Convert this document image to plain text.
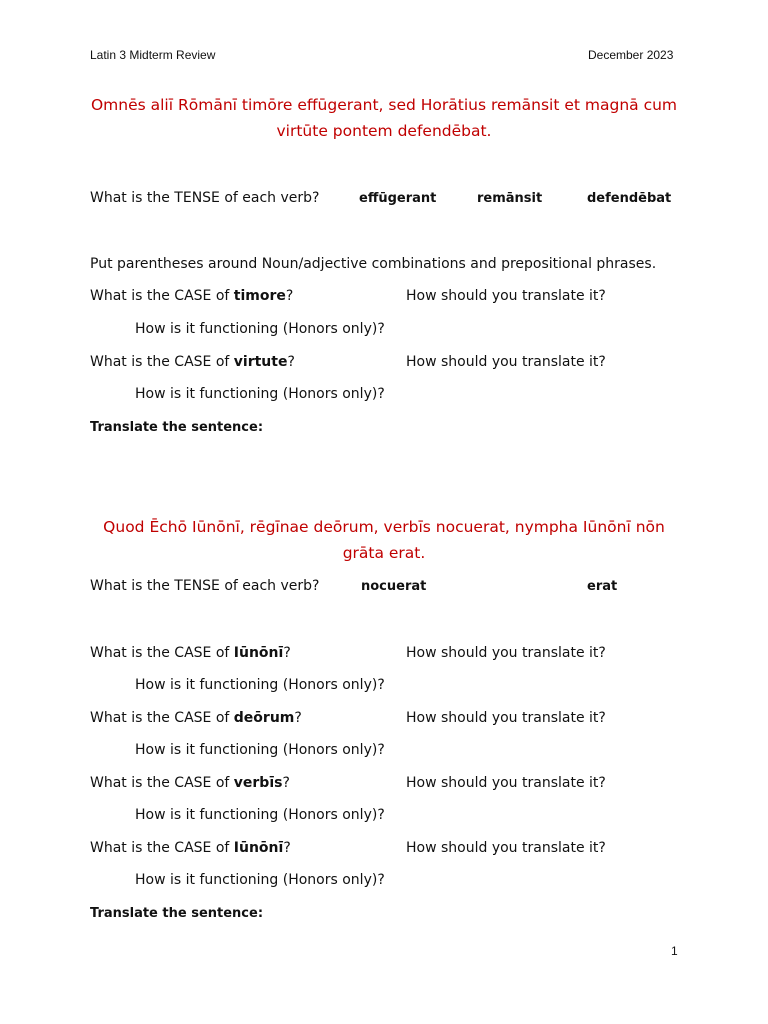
Latin 3 Midterm Review	December 2023
Omnēs aliī Rōmānī timōre effūgerant, sed Horātius remānsit et magnā cum virtūte pontem defendēbat.
What is the TENSE of each verb?	effūgerant	remānsit	defendēbat
Put parentheses around Noun/adjective combinations and prepositional phrases.
What is the CASE of timore?	How should you translate it?
How is it functioning (Honors only)?
What is the CASE of virtute?	How should you translate it?
How is it functioning (Honors only)?
Translate the sentence:
Quod Ēchō Iūnōnī, rēgīnae deōrum, verbīs nocuerat, nympha Iūnōnī nōn grāta erat.
What is the TENSE of each verb?	nocuerat	erat
What is the CASE of Iūnōnī?	How should you translate it?
How is it functioning (Honors only)?
What is the CASE of deōrum?	How should you translate it?
How is it functioning (Honors only)?
What is the CASE of verbīs?	How should you translate it?
How is it functioning (Honors only)?
What is the CASE of Iūnōnī?	How should you translate it?
How is it functioning (Honors only)?
Translate the sentence:
1
